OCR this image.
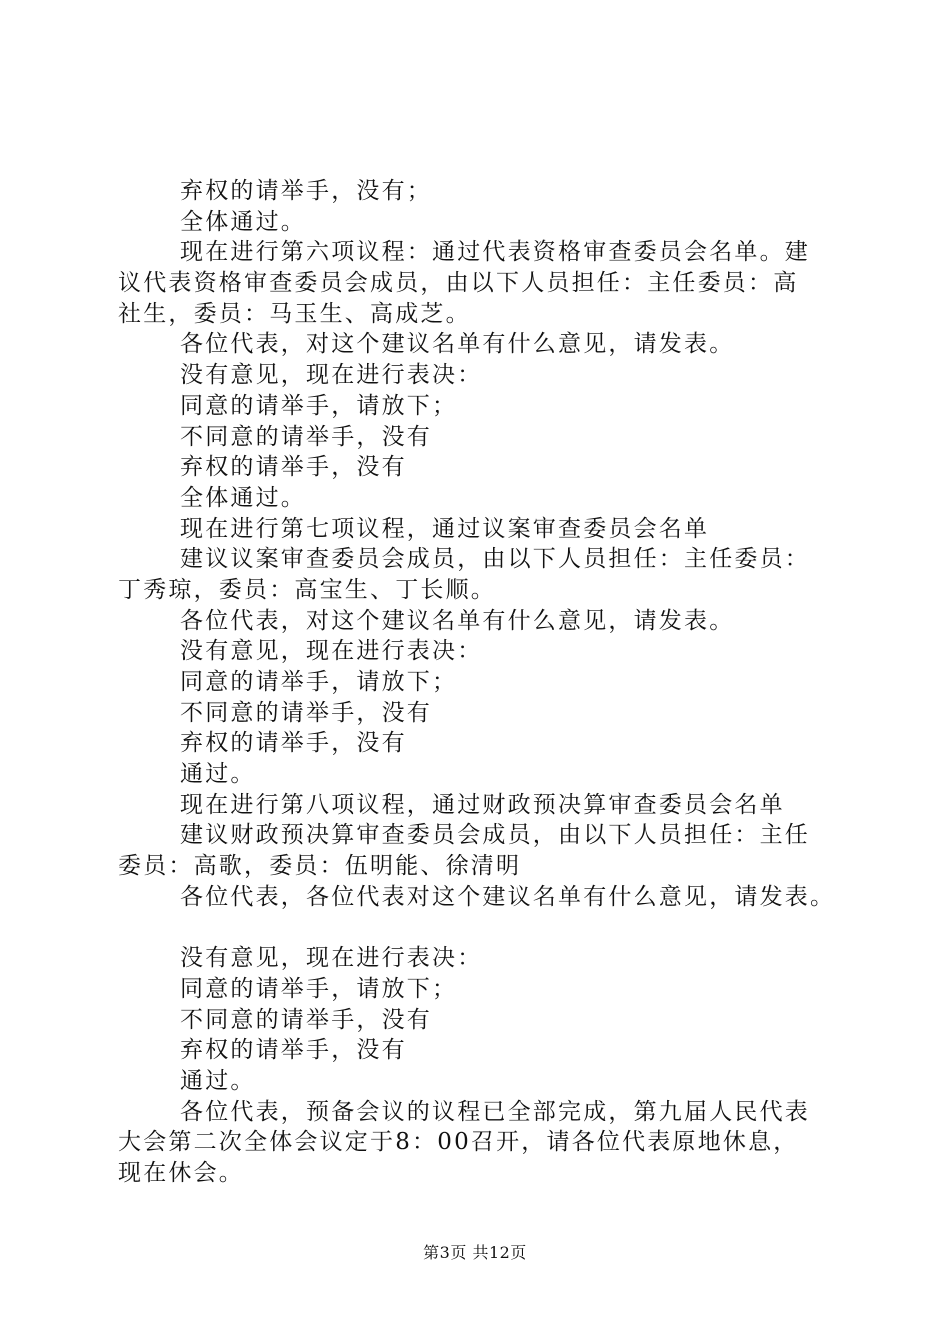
弃权的请举手，没有；
全体通过。
现在进行第六项议程：通过代表资格审查委员会名单。建
议代表资格审查委员会成员，由以下人员担任：主任委员：高
社生，委员：马玉生、高成芝。
各位代表，对这个建议名单有什么意见，请发表。
没有意见，现在进行表决：
同意的请举手，请放下；
不同意的请举手，没有
弃权的请举手，没有
全体通过。
现在进行第七项议程，通过议案审查委员会名单
建议议案审查委员会成员，由以下人员担任：主任委员：
丁秀琼，委员：高宝生、丁长顺。
各位代表，对这个建议名单有什么意见，请发表。
没有意见，现在进行表决：
同意的请举手，请放下；
不同意的请举手，没有
弃权的请举手，没有
通过。
现在进行第八项议程，通过财政预决算审查委员会名单
建议财政预决算审查委员会成员，由以下人员担任：主任
委员：高歌，委员：伍明能、徐清明
各位代表，各位代表对这个建议名单有什么意见，请发表。
没有意见，现在进行表决：
同意的请举手，请放下；
不同意的请举手，没有
弃权的请举手，没有
通过。
各位代表，预备会议的议程已全部完成，第九届人民代表
大会第二次全体会议定于8：00召开，请各位代表原地休息，
现在休会。
第3页 共12页
